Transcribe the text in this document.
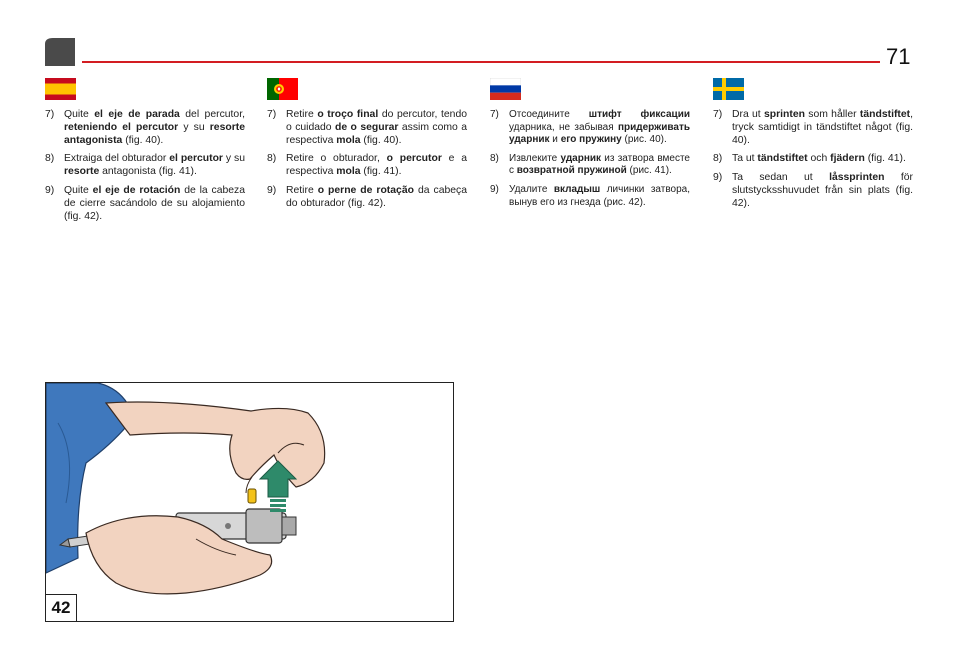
71
7) Quite el eje de parada del percutor, reteniendo el percutor y su resorte antagonista (fig. 40).
8) Extraiga del obturador el percutor y su resorte antagonista (fig. 41).
9) Quite el eje de rotación de la cabeza de cierre sacándolo de su alojamiento (fig. 42).
7) Retire o troço final do percutor, tendo o cuidado de o segurar assim como a respectiva mola (fig. 40).
8) Retire o obturador, o percutor e a respectiva mola (fig. 41).
9) Retire o perne de rotação da cabeça do obturador (fig. 42).
7) Отсоедините штифт фиксации ударника, не забывая придерживать ударник и его пружину (рис. 40).
8) Извлеките ударник из затвора вместе с возвратной пружиной (рис. 41).
9) Удалите вкладыш личинки затвора, вынув его из гнезда (рис. 42).
7) Dra ut sprinten som håller tändstiftet, tryck samtidigt in tändstiftet något (fig. 40).
8) Ta ut tändstiftet och fjädern (fig. 41).
9) Ta sedan ut låssprinten för slutstycksshuvudet från sin plats (fig. 42).
42
